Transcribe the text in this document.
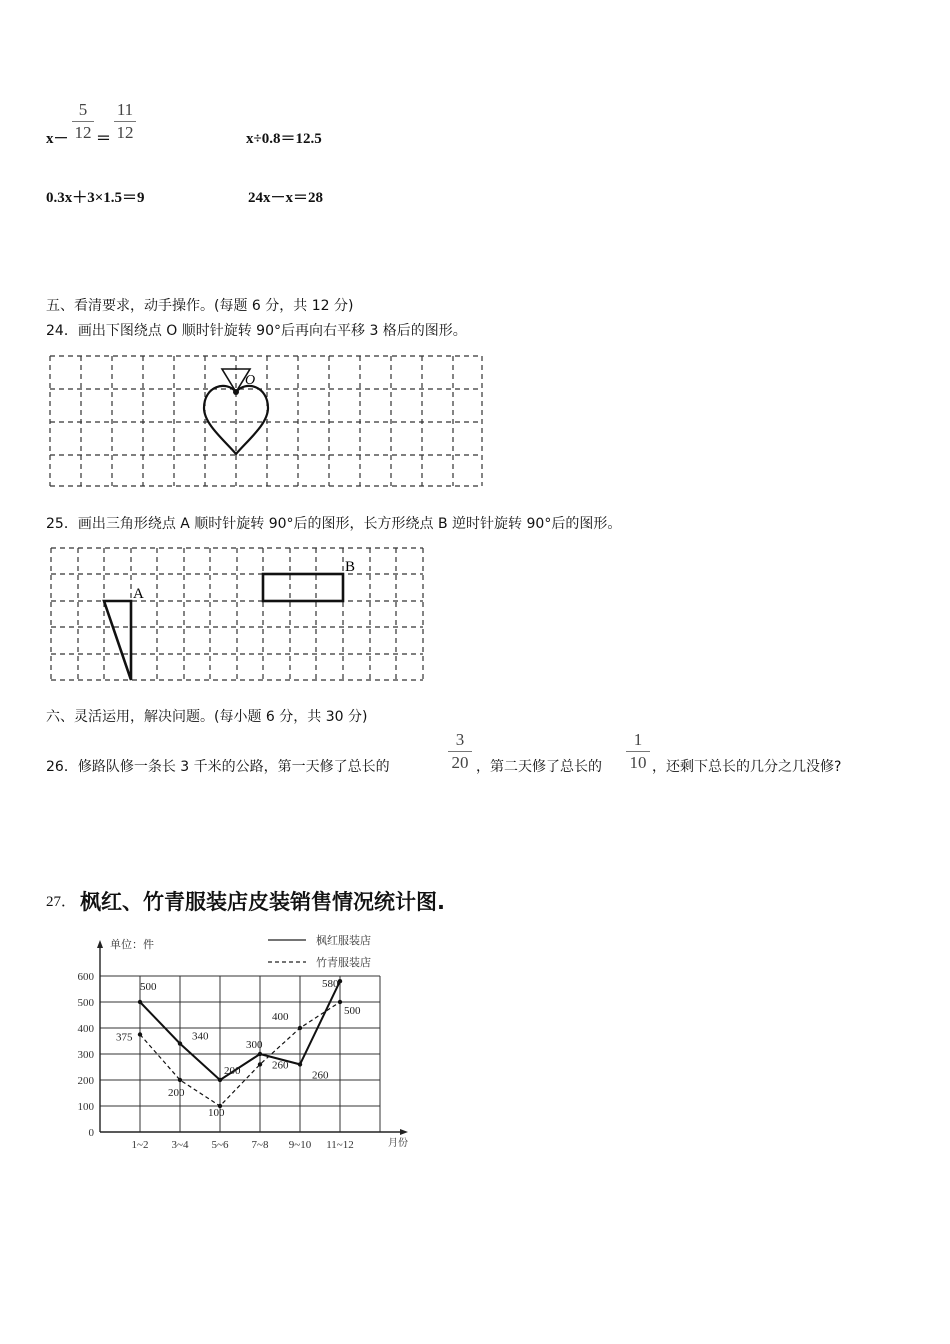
x－
5
12 ＝
11
12	x÷0.8＝12.5
0.3x＋3×1.5＝9	24x－x＝28
五、看清要求，动手操作。(每题 6 分，共 12 分)
24．画出下图绕点 O 顺时针旋转 90°后再向右平移 3 格后的图形。
O
25．画出三角形绕点 A 顺时针旋转 90°后的图形，长方形绕点 B 逆时针旋转 90°后的图形。
A
B
六、灵活运用，解决问题。(每小题 6 分，共 30 分)
26．修路队修一条长 3 千米的公路，第一天修了总长的
3
20 ，第二天修了总长的
1
10 ，还剩下总长的几分之几没修?
27． 枫红、竹青服装店皮装销售情况统计图.
0
100
200
300
400
500
600
1~2 3~4 5~6 7~8 9~10 11~12
500
340
200
300
260
580
375
200
100
260
400	500
单位：件
月份
枫红服装店
竹青服装店
